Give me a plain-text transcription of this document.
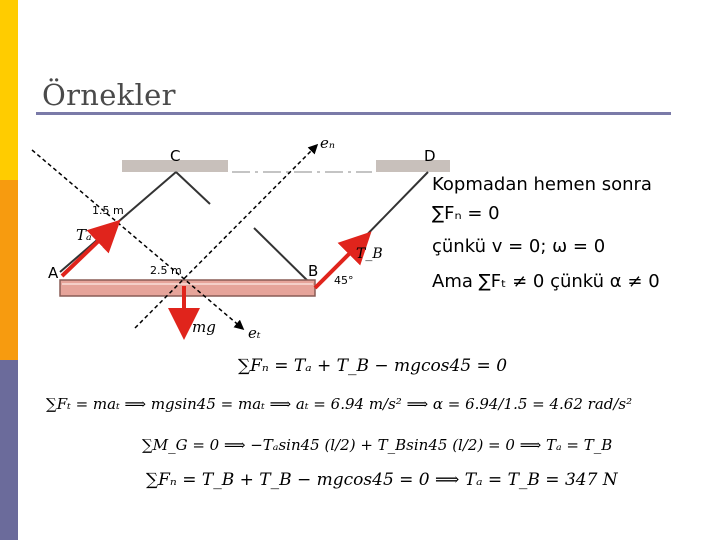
Örnekler
C	D
A	B
eₙ
eₜ
Tₐ
T_B
mg
1.5 m
2.5 m
45°
45°
Kopmadan hemen sonra
∑Fₙ = 0
çünkü v = 0; ω = 0
Ama ∑Fₜ ≠ 0 çünkü α ≠ 0
∑Fₙ = Tₐ + T_B − mgcos45 = 0
∑Fₜ = maₜ ⟹ mgsin45 = maₜ ⟹ aₜ = 6.94 m/s² ⟹ α = 6.94/1.5 = 4.62 rad/s²
∑M_G = 0 ⟹ −Tₐsin45 (l/2) + T_Bsin45 (l/2) = 0 ⟹ Tₐ = T_B
∑Fₙ = T_B + T_B − mgcos45 = 0 ⟹ Tₐ = T_B = 347 N
